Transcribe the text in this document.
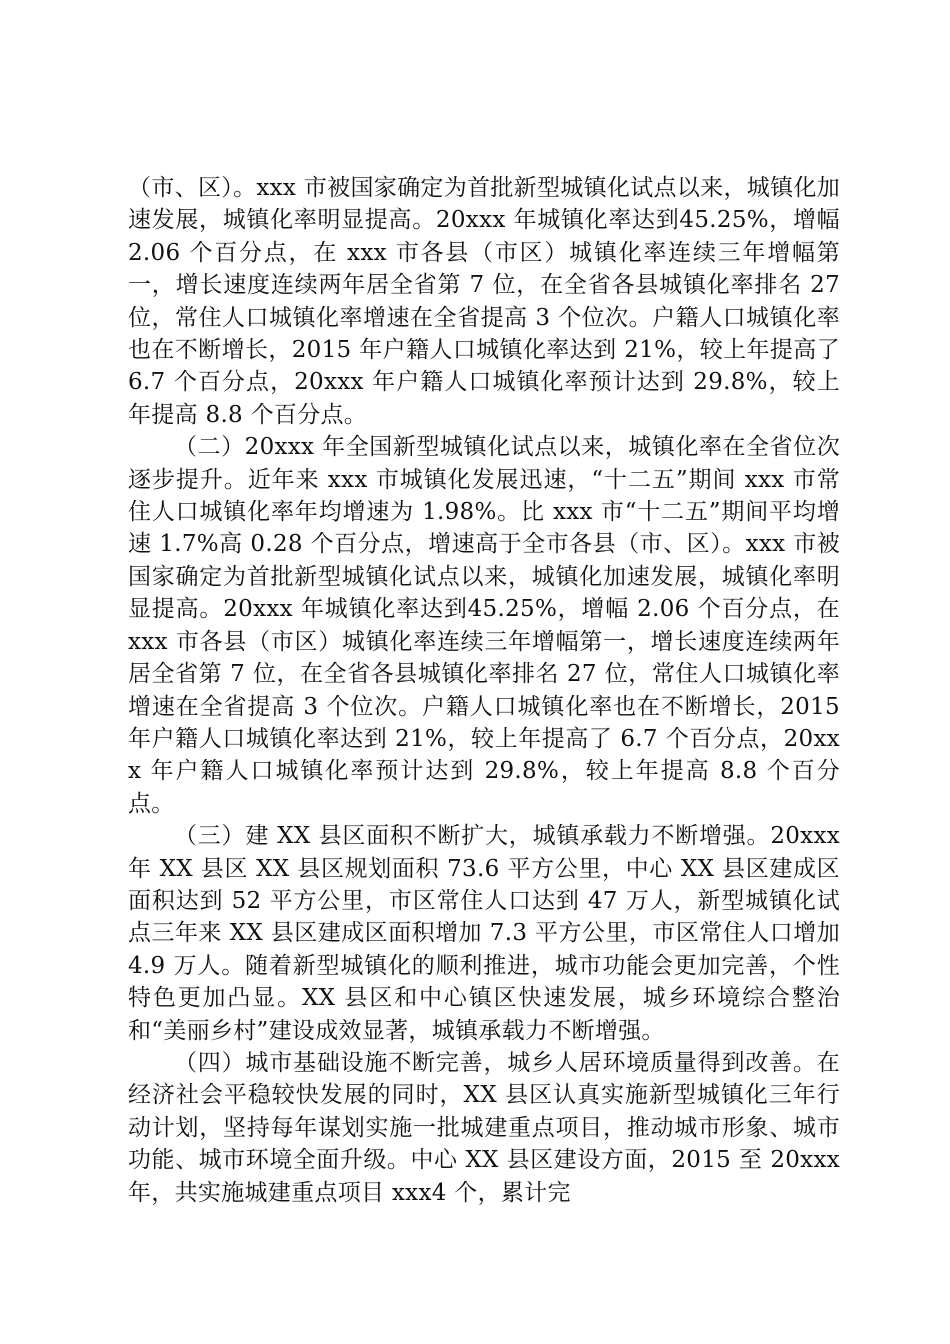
（市、区）。xxx 市被国家确定为首批新型城镇化试点以来，城镇化加速发展，城镇化率明显提高。20xxx 年城镇化率达到45.25%，增幅 2.06 个百分点，在 xxx 市各县（市区）城镇化率连续三年增幅第一，增长速度连续两年居全省第 7 位，在全省各县城镇化率排名 27 位，常住人口城镇化率增速在全省提高 3 个位次。户籍人口城镇化率也在不断增长，2015 年户籍人口城镇化率达到 21%，较上年提高了 6.7 个百分点，20xxx 年户籍人口城镇化率预计达到 29.8%，较上年提高 8.8 个百分点。

（二）20xxx 年全国新型城镇化试点以来，城镇化率在全省位次逐步提升。近年来 xxx 市城镇化发展迅速，“十二五”期间 xxx 市常住人口城镇化率年均增速为 1.98%。比 xxx 市“十二五”期间平均增速 1.7%高 0.28 个百分点，增速高于全市各县（市、区）。xxx 市被国家确定为首批新型城镇化试点以来，城镇化加速发展，城镇化率明显提高。20xxx 年城镇化率达到45.25%，增幅 2.06 个百分点，在 xxx 市各县（市区）城镇化率连续三年增幅第一，增长速度连续两年居全省第 7 位，在全省各县城镇化率排名 27 位，常住人口城镇化率增速在全省提高 3 个位次。户籍人口城镇化率也在不断增长，2015 年户籍人口城镇化率达到 21%，较上年提高了 6.7 个百分点，20xxx 年户籍人口城镇化率预计达到 29.8%，较上年提高 8.8 个百分点。

（三）建 XX 县区面积不断扩大，城镇承载力不断增强。20xxx 年 XX 县区 XX 县区规划面积 73.6 平方公里，中心 XX 县区建成区面积达到 52 平方公里，市区常住人口达到 47 万人，新型城镇化试点三年来 XX 县区建成区面积增加 7.3 平方公里，市区常住人口增加 4.9 万人。随着新型城镇化的顺利推进，城市功能会更加完善，个性特色更加凸显。XX 县区和中心镇区快速发展，城乡环境综合整治和“美丽乡村”建设成效显著，城镇承载力不断增强。

（四）城市基础设施不断完善，城乡人居环境质量得到改善。在经济社会平稳较快发展的同时，XX 县区认真实施新型城镇化三年行动计划，坚持每年谋划实施一批城建重点项目，推动城市形象、城市功能、城市环境全面升级。中心 XX 县区建设方面，2015 至 20xxx 年，共实施城建重点项目 xxx4 个，累计完
